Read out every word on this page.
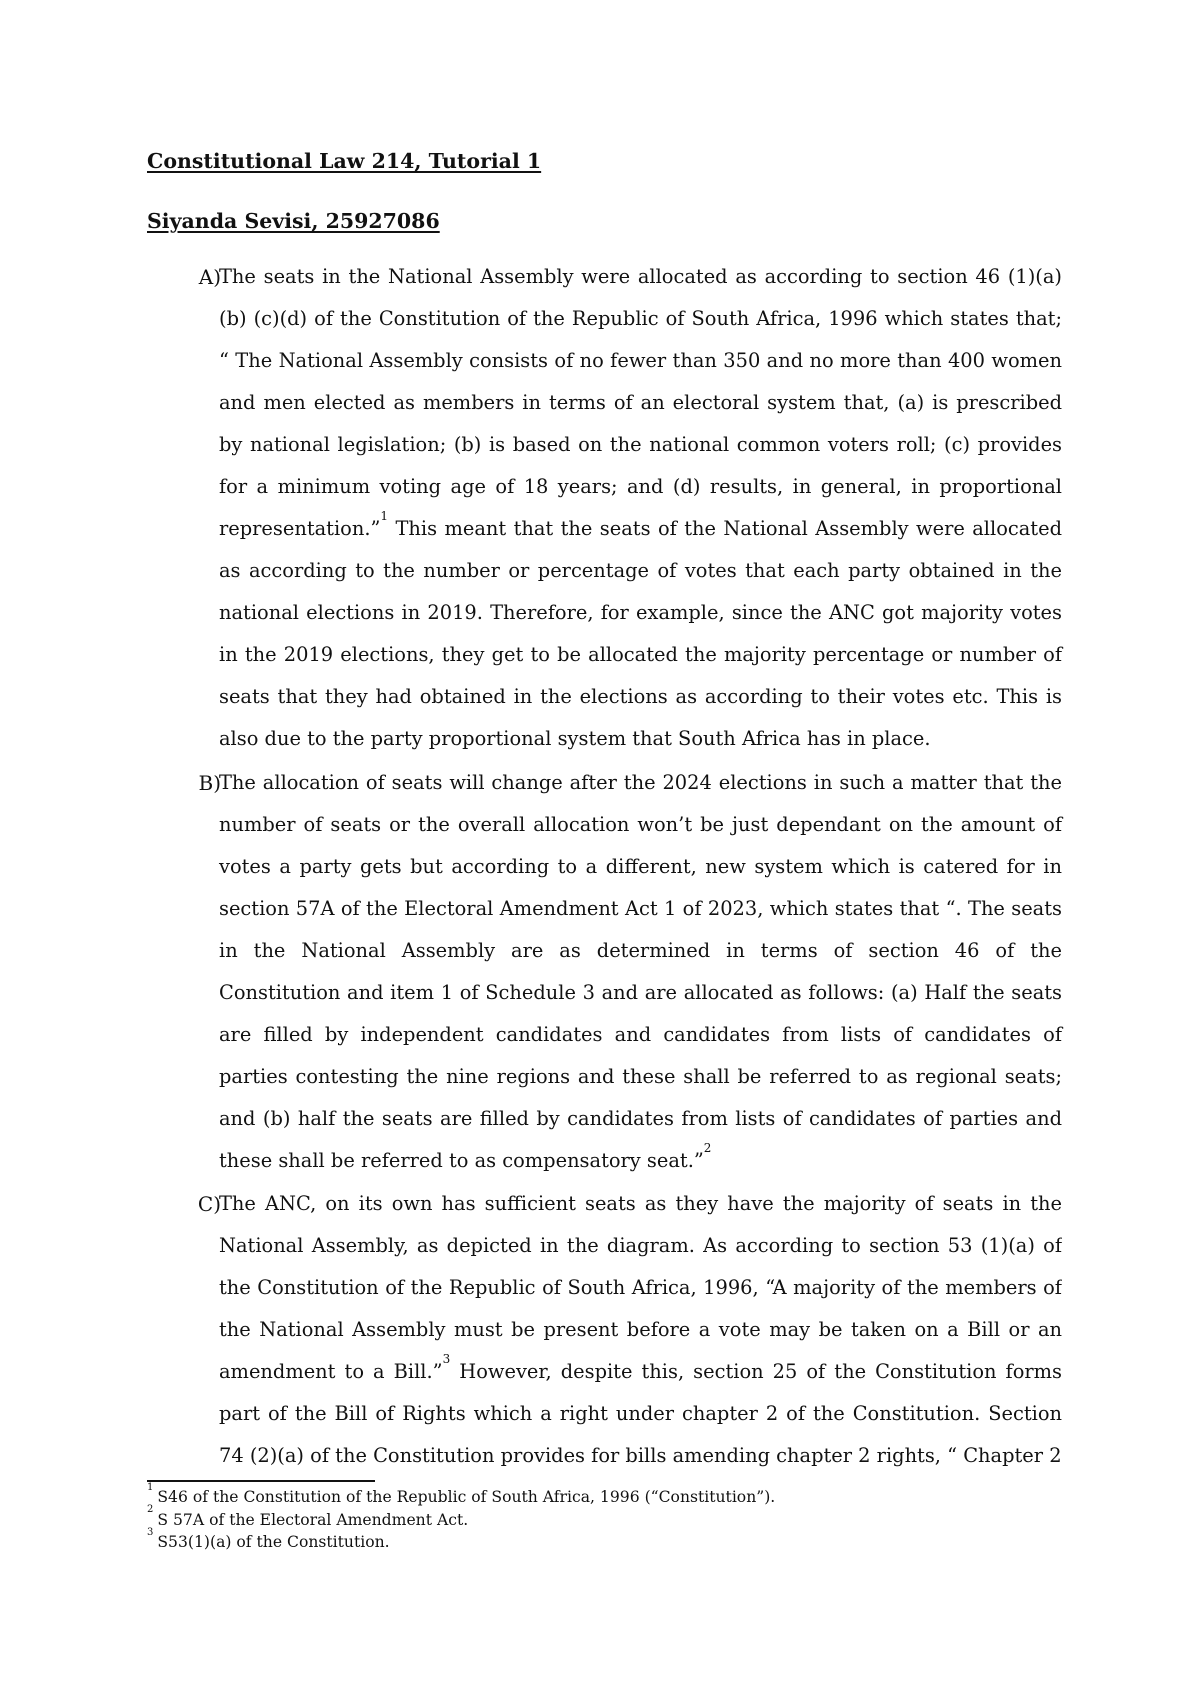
Constitutional Law 214, Tutorial 1
Siyanda Sevisi, 25927086
A)

The seats in the National Assembly were allocated as according to section 46 (1)(a)(b) (c)(d) of the Constitution of the Republic of South Africa, 1996 which states that; “ The National Assembly consists of no fewer than 350 and no more than 400 women and men elected as members in terms of an electoral system that, (a) is prescribed by national legislation; (b) is based on the national common voters roll; (c) provides for a minimum voting age of 18 years; and (d) results, in general, in proportional representation.”$^1$ This meant that the seats of the National Assembly were allocated as according to the number or percentage of votes that each party obtained in the national elections in 2019. Therefore, for example, since the ANC got majority votes in the 2019 elections, they get to be allocated the majority percentage or number of seats that they had obtained in the elections as according to their votes etc. This is also due to the party proportional system that South Africa has in place.

B)

The allocation of seats will change after the 2024 elections in such a matter that the number of seats or the overall allocation won’t be just dependant on the amount of votes a party gets but according to a different, new system which is catered for in section 57A of the Electoral Amendment Act 1 of 2023, which states that “. The seats in the National Assembly are as determined in terms of section 46 of the Constitution and item 1 of Schedule 3 and are allocated as follows: (a) Half the seats are filled by independent candidates and candidates from lists of candidates of parties contesting the nine regions and these shall be referred to as regional seats; and (b) half the seats are filled by candidates from lists of candidates of parties and these shall be referred to as compensatory seat.”$^2$

C)

The ANC, on its own has sufficient seats as they have the majority of seats in the National Assembly, as depicted in the diagram. As according to section 53 (1)(a) of the Constitution of the Republic of South Africa, 1996, “A majority of the members of the National Assembly must be present before a vote may be taken on a Bill or an amendment to a Bill.”$^3$ However, despite this, section 25 of the Constitution forms part of the Bill of Rights which a right under chapter 2 of the Constitution. Section 74 (2)(a) of the Constitution provides for bills amending chapter 2 rights, “ Chapter 2

$^1$S46 of the Constitution of the Republic of South Africa, 1996 (“Constitution”).

$^2$S 57A of the Electoral Amendment Act.

$^3$S53(1)(a) of the Constitution.
